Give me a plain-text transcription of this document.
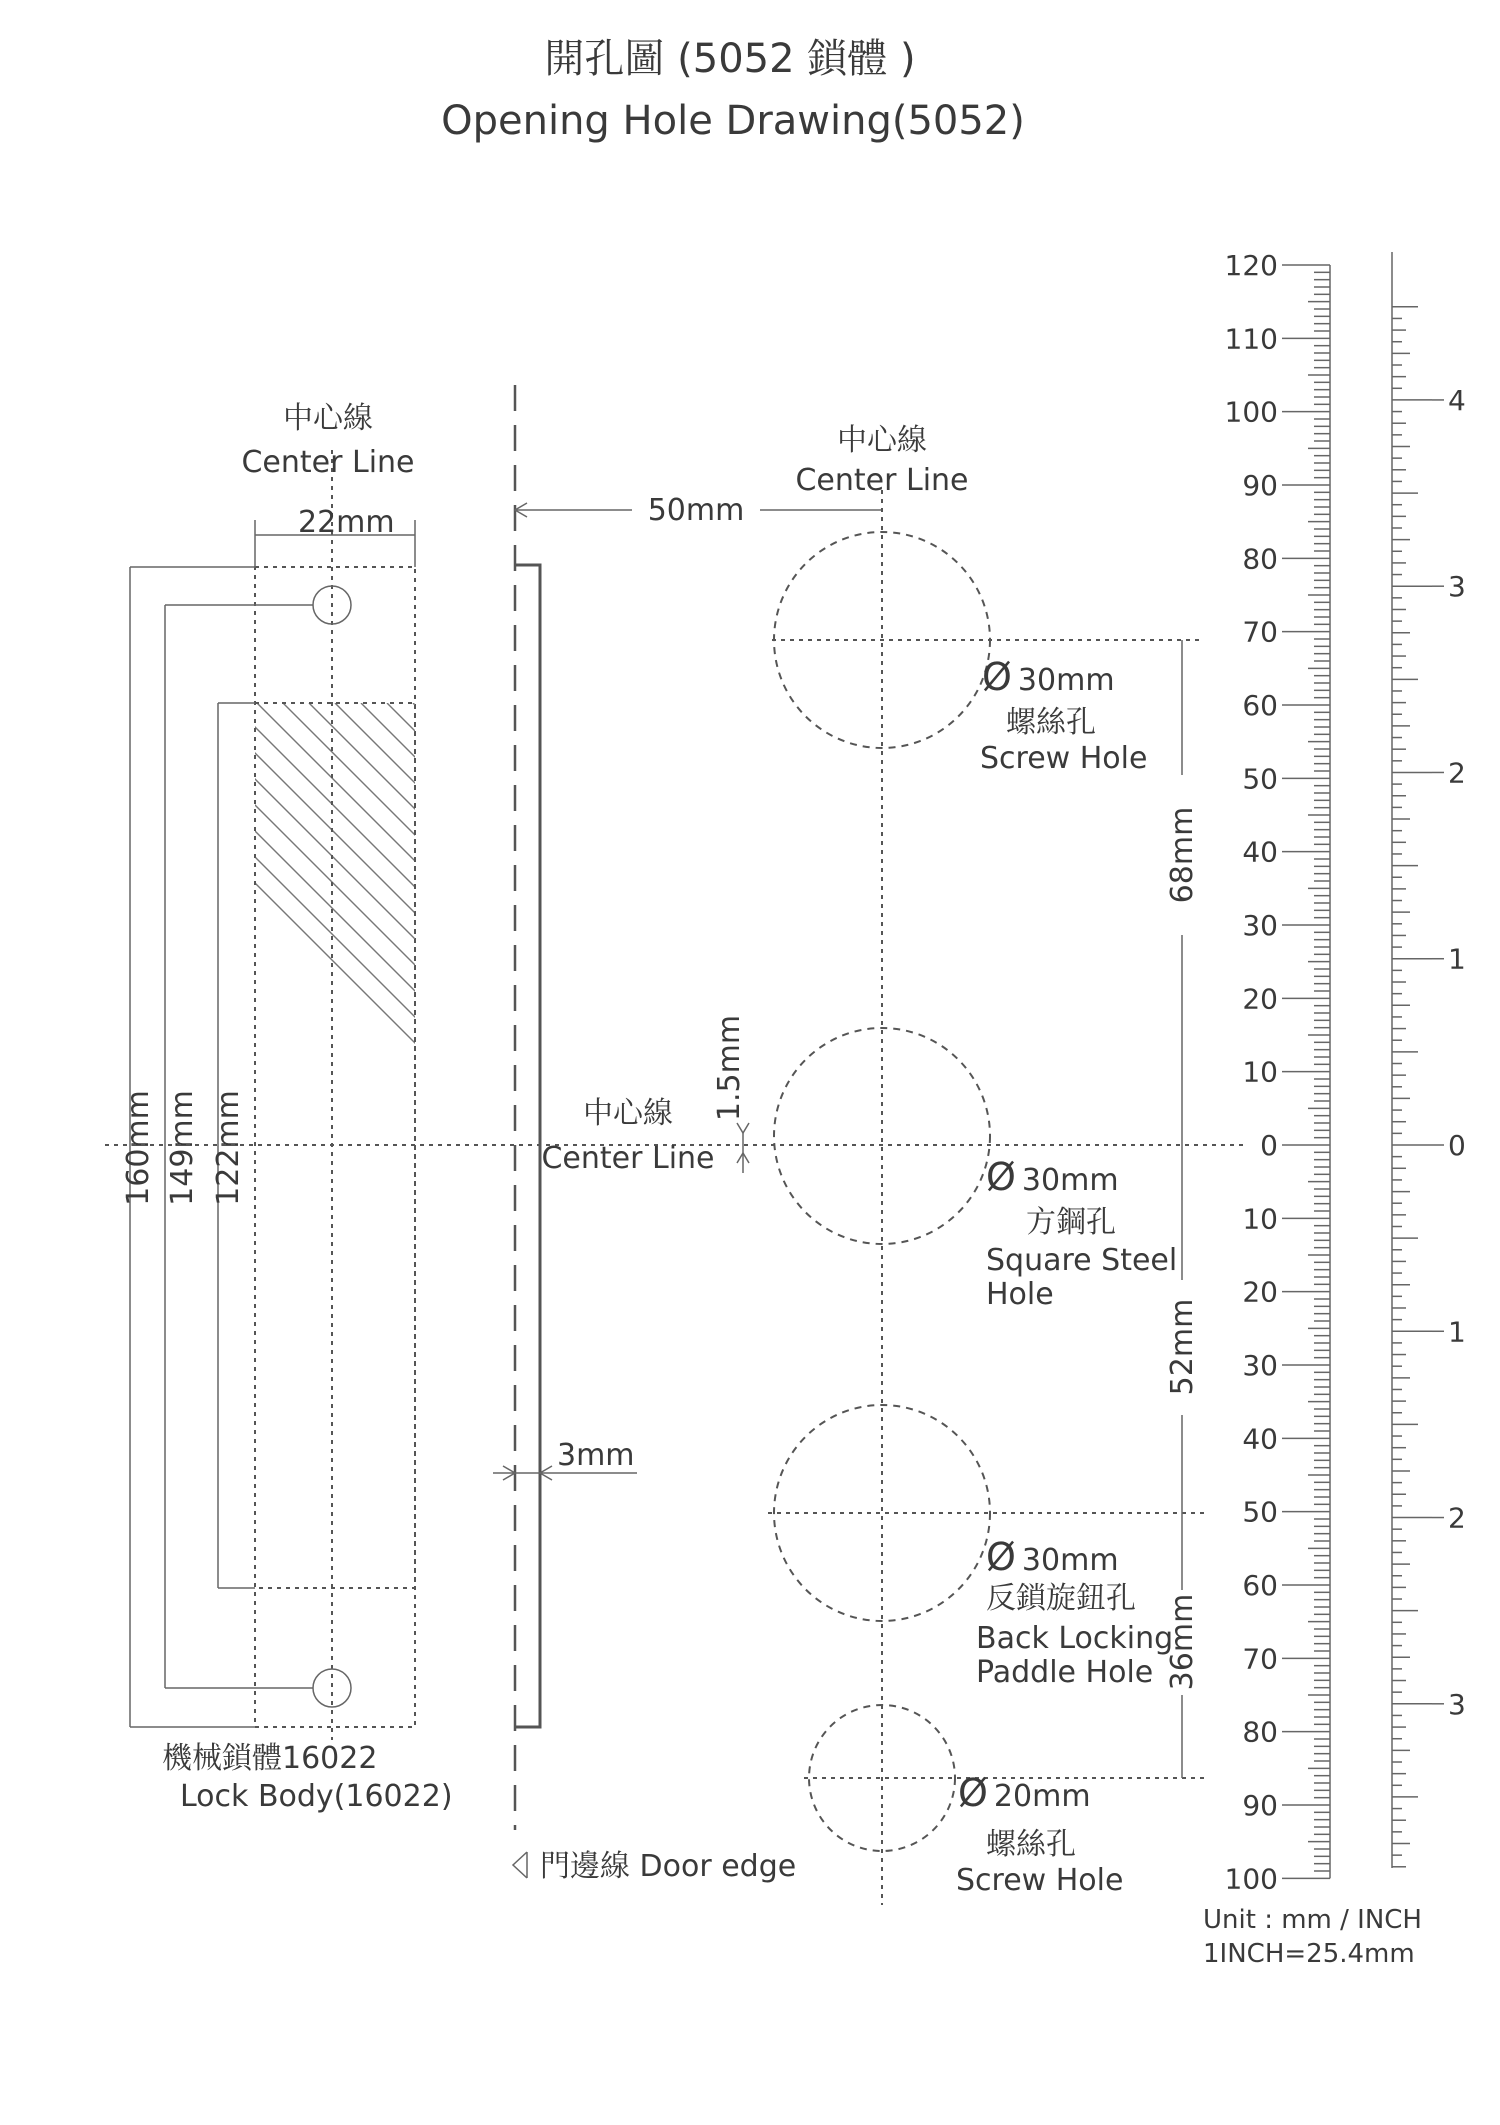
開孔圖 (5052 鎖體 )
Opening Hole Drawing(5052)
22mm
160mm 149mm 122mm
中心線
Center Line
機械鎖體16022
Lock Body(16022)
門邊線 Door edge
3mm
50mm
中心線
Center Line
1.5mm
中心線
Center Line
Ø 30mm
螺絲孔
Screw Hole
Ø 30mm
方鋼孔
Square Steel
Hole
Ø 30mm
反鎖旋鈕孔
Back Locking
Paddle Hole
Ø 20mm
螺絲孔
Screw Hole
68mm
52mm
36mm
120
110
100
90
80
70
60
50
40
30
20
10
0
10
20
30
40
50
60
70
80
90
100
4
3
2
1
0
1
2
3
Unit : mm / INCH
1INCH=25.4mm
